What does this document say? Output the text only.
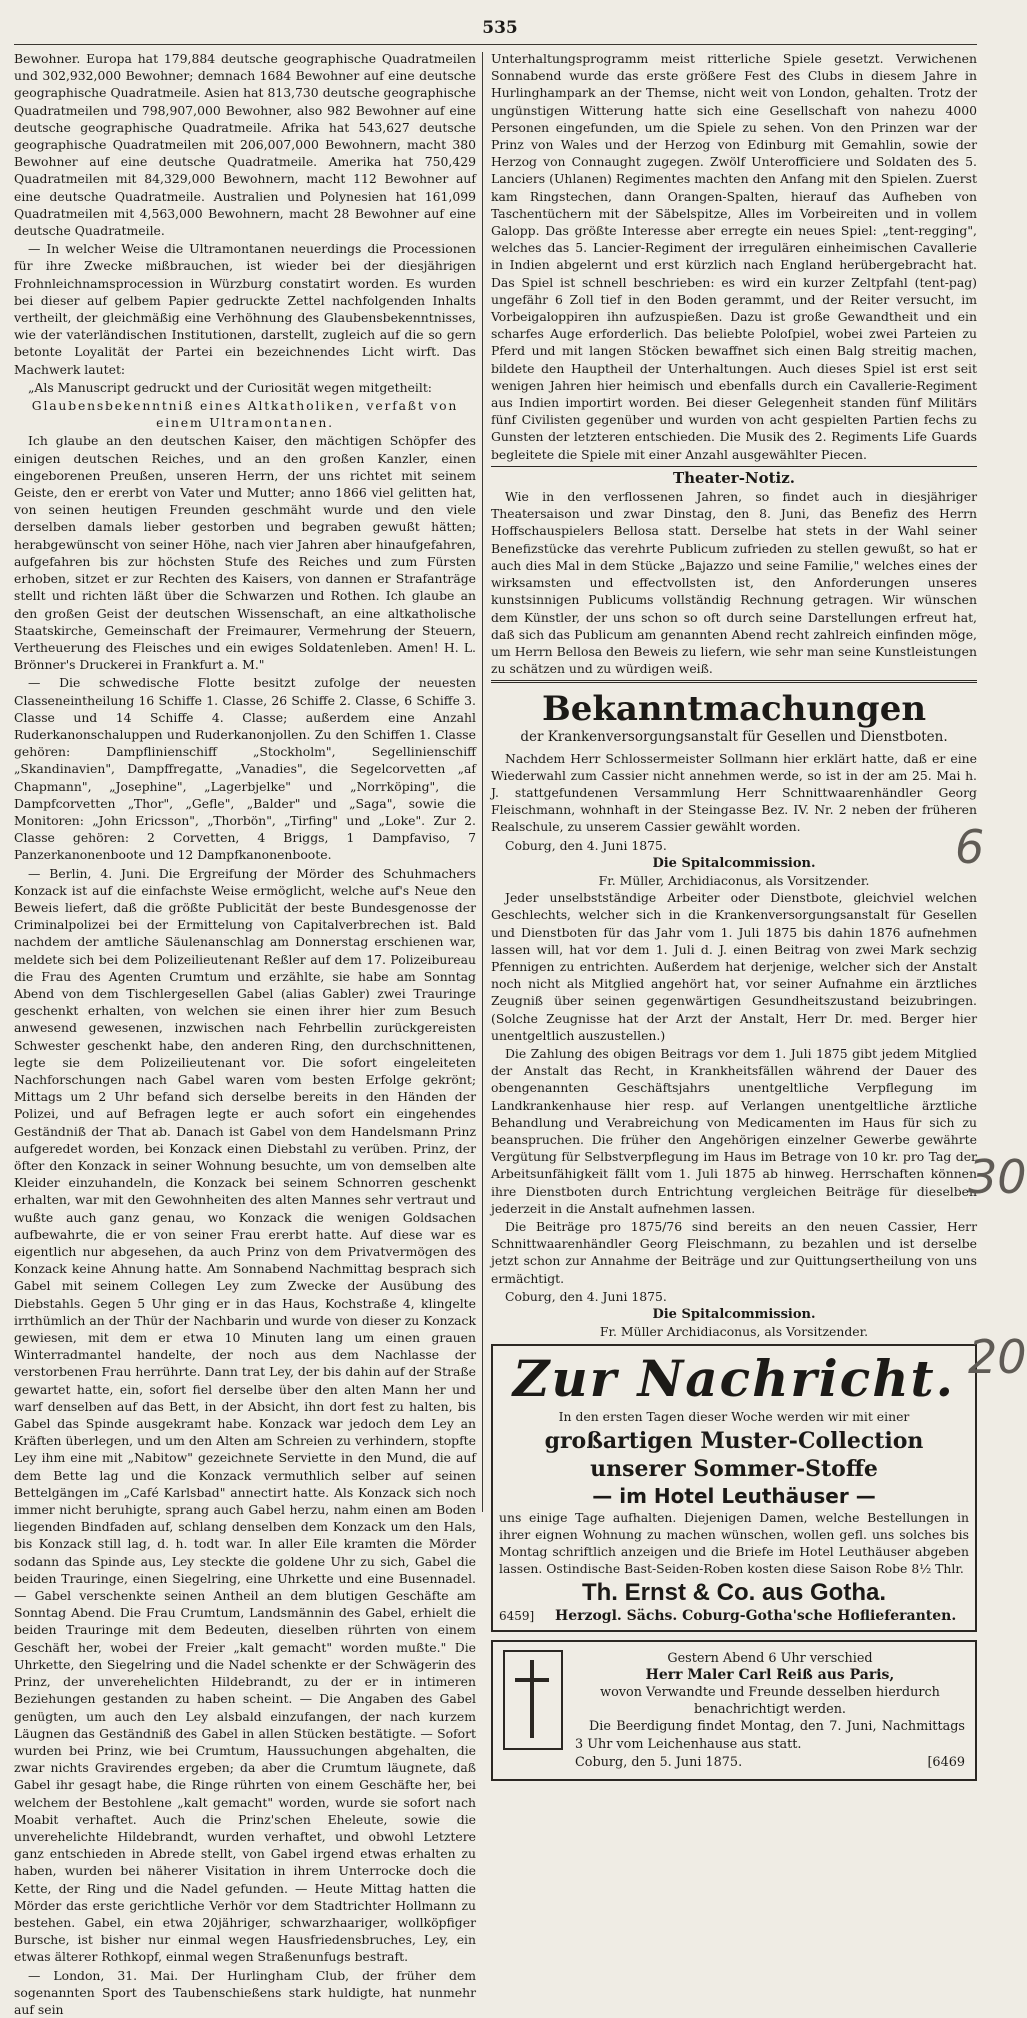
535

Bewohner. Europa hat 179,884 deutsche geographische Quadratmeilen und 302,932,000 Bewohner; demnach 1684 Bewohner auf eine deutsche geographische Quadratmeile. Asien hat 813,730 deutsche geographische Quadratmeilen und 798,907,000 Bewohner, also 982 Bewohner auf eine deutsche geographische Quadratmeile. Afrika hat 543,627 deutsche geographische Quadratmeilen mit 206,007,000 Bewohnern, macht 380 Bewohner auf eine deutsche Quadratmeile. Amerika hat 750,429 Quadratmeilen mit 84,329,000 Bewohnern, macht 112 Bewohner auf eine deutsche Quadratmeile. Australien und Polynesien hat 161,099 Quadratmeilen mit 4,563,000 Bewohnern, macht 28 Bewohner auf eine deutsche Quadratmeile.

— In welcher Weise die Ultramontanen neuerdings die Processionen für ihre Zwecke mißbrauchen, ist wieder bei der diesjährigen Frohnleichnamsprocession in Würzburg constatirt worden. Es wurden bei dieser auf gelbem Papier gedruckte Zettel nachfolgenden Inhalts vertheilt, der gleichmäßig eine Verhöhnung des Glaubensbekenntnisses, wie der vaterländischen Institutionen, darstellt, zugleich auf die so gern betonte Loyalität der Partei ein bezeichnendes Licht wirft. Das Machwerk lautet:

„Als Manuscript gedruckt und der Curiosität wegen mitgetheilt:

Glaubensbekenntniß eines Altkatholiken, verfaßt von einem Ultramontanen.

Ich glaube an den deutschen Kaiser, den mächtigen Schöpfer des einigen deutschen Reiches, und an den großen Kanzler, einen eingeborenen Preußen, unseren Herrn, der uns richtet mit seinem Geiste, den er ererbt von Vater und Mutter; anno 1866 viel gelitten hat, von seinen heutigen Freunden geschmäht wurde und den viele derselben damals lieber gestorben und begraben gewußt hätten; herabgewünscht von seiner Höhe, nach vier Jahren aber hinaufgefahren, aufgefahren bis zur höchsten Stufe des Reiches und zum Fürsten erhoben, sitzet er zur Rechten des Kaisers, von dannen er Strafanträge stellt und richten läßt über die Schwarzen und Rothen. Ich glaube an den großen Geist der deutschen Wissenschaft, an eine altkatholische Staatskirche, Gemeinschaft der Freimaurer, Vermehrung der Steuern, Vertheuerung des Fleisches und ein ewiges Soldatenleben. Amen! H. L. Brönner's Druckerei in Frankfurt a. M."

— Die schwedische Flotte besitzt zufolge der neuesten Classeneintheilung 16 Schiffe 1. Classe, 26 Schiffe 2. Classe, 6 Schiffe 3. Classe und 14 Schiffe 4. Classe; außerdem eine Anzahl Ruderkanonschaluppen und Ruderkanonjollen. Zu den Schiffen 1. Classe gehören: Dampflinienschiff „Stockholm", Segellinienschiff „Skandinavien", Dampffregatte, „Vanadies", die Segelcorvetten „af Chapmann", „Josephine", „Lagerbjelke" und „Norrköping", die Dampfcorvetten „Thor", „Gefle", „Balder" und „Saga", sowie die Monitoren: „John Ericsson", „Thorbön", „Tirfing" und „Loke". Zur 2. Classe gehören: 2 Corvetten, 4 Briggs, 1 Dampfaviso, 7 Panzerkanonenboote und 12 Dampfkanonenboote.

— Berlin, 4. Juni. Die Ergreifung der Mörder des Schuhmachers Konzack ist auf die einfachste Weise ermöglicht, welche auf's Neue den Beweis liefert, daß die größte Publicität der beste Bundesgenosse der Criminalpolizei bei der Ermittelung von Capitalverbrechen ist. Bald nachdem der amtliche Säulenanschlag am Donnerstag erschienen war, meldete sich bei dem Polizeilieutenant Reßler auf dem 17. Polizeibureau die Frau des Agenten Crumtum und erzählte, sie habe am Sonntag Abend von dem Tischlergesellen Gabel (alias Gabler) zwei Trauringe geschenkt erhalten, von welchen sie einen ihrer hier zum Besuch anwesend gewesenen, inzwischen nach Fehrbellin zurückgereisten Schwester geschenkt habe, den anderen Ring, den durchschnittenen, legte sie dem Polizeilieutenant vor. Die sofort eingeleiteten Nachforschungen nach Gabel waren vom besten Erfolge gekrönt; Mittags um 2 Uhr befand sich derselbe bereits in den Händen der Polizei, und auf Befragen legte er auch sofort ein eingehendes Geständniß der That ab. Danach ist Gabel von dem Handelsmann Prinz aufgeredet worden, bei Konzack einen Diebstahl zu verüben. Prinz, der öfter den Konzack in seiner Wohnung besuchte, um von demselben alte Kleider einzuhandeln, die Konzack bei seinem Schnorren geschenkt erhalten, war mit den Gewohnheiten des alten Mannes sehr vertraut und wußte auch ganz genau, wo Konzack die wenigen Goldsachen aufbewahrte, die er von seiner Frau ererbt hatte. Auf diese war es eigentlich nur abgesehen, da auch Prinz von dem Privatvermögen des Konzack keine Ahnung hatte. Am Sonnabend Nachmittag besprach sich Gabel mit seinem Collegen Ley zum Zwecke der Ausübung des Diebstahls. Gegen 5 Uhr ging er in das Haus, Kochstraße 4, klingelte irrthümlich an der Thür der Nachbarin und wurde von dieser zu Konzack gewiesen, mit dem er etwa 10 Minuten lang um einen grauen Winterradmantel handelte, der noch aus dem Nachlasse der verstorbenen Frau herrührte. Dann trat Ley, der bis dahin auf der Straße gewartet hatte, ein, sofort fiel derselbe über den alten Mann her und warf denselben auf das Bett, in der Absicht, ihn dort fest zu halten, bis Gabel das Spinde ausgekramt habe. Konzack war jedoch dem Ley an Kräften überlegen, und um den Alten am Schreien zu verhindern, stopfte Ley ihm eine mit „Nabitow" gezeichnete Serviette in den Mund, die auf dem Bette lag und die Konzack vermuthlich selber auf seinen Bettelgängen im „Café Karlsbad" annectirt hatte. Als Konzack sich noch immer nicht beruhigte, sprang auch Gabel herzu, nahm einen am Boden liegenden Bindfaden auf, schlang denselben dem Konzack um den Hals, bis Konzack still lag, d. h. todt war. In aller Eile kramten die Mörder sodann das Spinde aus, Ley steckte die goldene Uhr zu sich, Gabel die beiden Trauringe, einen Siegelring, eine Uhrkette und eine Busennadel. — Gabel verschenkte seinen Antheil an dem blutigen Geschäfte am Sonntag Abend. Die Frau Crumtum, Landsmännin des Gabel, erhielt die beiden Trauringe mit dem Bedeuten, dieselben rührten von einem Geschäft her, wobei der Freier „kalt gemacht" worden mußte." Die Uhrkette, den Siegelring und die Nadel schenkte er der Schwägerin des Prinz, der unverehelichten Hildebrandt, zu der er in intimeren Beziehungen gestanden zu haben scheint. — Die Angaben des Gabel genügten, um auch den Ley alsbald einzufangen, der nach kurzem Läugnen das Geständniß des Gabel in allen Stücken bestätigte. — Sofort wurden bei Prinz, wie bei Crumtum, Haussuchungen abgehalten, die zwar nichts Gravirendes ergeben; da aber die Crumtum läugnete, daß Gabel ihr gesagt habe, die Ringe rührten von einem Geschäfte her, bei welchem der Bestohlene „kalt gemacht" worden, wurde sie sofort nach Moabit verhaftet. Auch die Prinz'schen Eheleute, sowie die unverehelichte Hildebrandt, wurden verhaftet, und obwohl Letztere ganz entschieden in Abrede stellt, von Gabel irgend etwas erhalten zu haben, wurden bei näherer Visitation in ihrem Unterrocke doch die Kette, der Ring und die Nadel gefunden. — Heute Mittag hatten die Mörder das erste gerichtliche Verhör vor dem Stadtrichter Hollmann zu bestehen. Gabel, ein etwa 20jähriger, schwarzhaariger, wollköpfiger Bursche, ist bisher nur einmal wegen Hausfriedensbruches, Ley, ein etwas älterer Rothkopf, einmal wegen Straßenunfugs bestraft.

— London, 31. Mai. Der Hurlingham Club, der früher dem sogenannten Sport des Taubenschießens stark huldigte, hat nunmehr auf sein

Unterhaltungsprogramm meist ritterliche Spiele gesetzt. Verwichenen Sonnabend wurde das erste größere Fest des Clubs in diesem Jahre in Hurlinghampark an der Themse, nicht weit von London, gehalten. Trotz der ungünstigen Witterung hatte sich eine Gesellschaft von nahezu 4000 Personen eingefunden, um die Spiele zu sehen. Von den Prinzen war der Prinz von Wales und der Herzog von Edinburg mit Gemahlin, sowie der Herzog von Connaught zugegen. Zwölf Unterofficiere und Soldaten des 5. Lanciers (Uhlanen) Regimentes machten den Anfang mit den Spielen. Zuerst kam Ringstechen, dann Orangen-Spalten, hierauf das Aufheben von Taschentüchern mit der Säbelspitze, Alles im Vorbeireiten und in vollem Galopp. Das größte Interesse aber erregte ein neues Spiel: „tent-regging", welches das 5. Lancier-Regiment der irregulären einheimischen Cavallerie in Indien abgelernt und erst kürzlich nach England herübergebracht hat. Das Spiel ist schnell beschrieben: es wird ein kurzer Zeltpfahl (tent-pag) ungefähr 6 Zoll tief in den Boden gerammt, und der Reiter versucht, im Vorbeigaloppiren ihn aufzuspießen. Dazu ist große Gewandtheit und ein scharfes Auge erforderlich. Das beliebte Poloſpiel, wobei zwei Parteien zu Pferd und mit langen Stöcken bewaffnet sich einen Balg streitig machen, bildete den Hauptheil der Unterhaltungen. Auch dieses Spiel ist erst seit wenigen Jahren hier heimisch und ebenfalls durch ein Cavallerie-Regiment aus Indien importirt worden. Bei dieser Gelegenheit standen fünf Militärs fünf Civilisten gegenüber und wurden von acht gespielten Partien fechs zu Gunsten der letzteren entschieden. Die Musik des 2. Regiments Life Guards begleitete die Spiele mit einer Anzahl ausgewählter Piecen.

Theater-Notiz.

Wie in den verflossenen Jahren, so findet auch in diesjähriger Theatersaison und zwar Dinstag, den 8. Juni, das Benefiz des Herrn Hoffschauspielers Bellosa statt. Derselbe hat stets in der Wahl seiner Benefizstücke das verehrte Publicum zufrieden zu stellen gewußt, so hat er auch dies Mal in dem Stücke „Bajazzo und seine Familie," welches eines der wirksamsten und effectvollsten ist, den Anforderungen unseres kunstsinnigen Publicums vollständig Rechnung getragen. Wir wünschen dem Künstler, der uns schon so oft durch seine Darstellungen erfreut hat, daß sich das Publicum am genannten Abend recht zahlreich einfinden möge, um Herrn Bellosa den Beweis zu liefern, wie sehr man seine Kunstleistungen zu schätzen und zu würdigen weiß.

Bekanntmachungen
der Krankenversorgungsanstalt für Gesellen und Dienstboten.

Nachdem Herr Schlossermeister Sollmann hier erklärt hatte, daß er eine Wiederwahl zum Cassier nicht annehmen werde, so ist in der am 25. Mai h. J. stattgefundenen Versammlung Herr Schnittwaarenhändler Georg Fleischmann, wohnhaft in der Steingasse Bez. IV. Nr. 2 neben der früheren Realschule, zu unserem Cassier gewählt worden.

Coburg, den 4. Juni 1875.

Die Spitalcommission.
Fr. Müller, Archidiaconus, als Vorsitzender.

Jeder unselbstständige Arbeiter oder Dienstbote, gleichviel welchen Geschlechts, welcher sich in die Krankenversorgungsanstalt für Gesellen und Dienstboten für das Jahr vom 1. Juli 1875 bis dahin 1876 aufnehmen lassen will, hat vor dem 1. Juli d. J. einen Beitrag von zwei Mark sechzig Pfennigen zu entrichten. Außerdem hat derjenige, welcher sich der Anstalt noch nicht als Mitglied angehört hat, vor seiner Aufnahme ein ärztliches Zeugniß über seinen gegenwärtigen Gesundheitszustand beizubringen. (Solche Zeugnisse hat der Arzt der Anstalt, Herr Dr. med. Berger hier unentgeltlich auszustellen.)

Die Zahlung des obigen Beitrags vor dem 1. Juli 1875 gibt jedem Mitglied der Anstalt das Recht, in Krankheitsfällen während der Dauer des obengenannten Geschäftsjahrs unentgeltliche Verpflegung im Landkrankenhause hier resp. auf Verlangen unentgeltliche ärztliche Behandlung und Verabreichung von Medicamenten im Haus für sich zu beanspruchen. Die früher den Angehörigen einzelner Gewerbe gewährte Vergütung für Selbstverpflegung im Haus im Betrage von 10 kr. pro Tag der Arbeitsunfähigkeit fällt vom 1. Juli 1875 ab hinweg. Herrschaften können ihre Dienstboten durch Entrichtung vergleichen Beiträge für dieselben jederzeit in die Anstalt aufnehmen lassen.

Die Beiträge pro 1875/76 sind bereits an den neuen Cassier, Herr Schnittwaarenhändler Georg Fleischmann, zu bezahlen und ist derselbe jetzt schon zur Annahme der Beiträge und zur Quittungsertheilung von uns ermächtigt.

Coburg, den 4. Juni 1875.

Die Spitalcommission.
Fr. Müller Archidiaconus, als Vorsitzender.
Zur Nachricht.

In den ersten Tagen dieser Woche werden wir mit einer

großartigen Muster-Collection unserer Sommer-Stoffe
— im Hotel Leuthäuser —

uns einige Tage aufhalten. Diejenigen Damen, welche Bestellungen in ihrer eignen Wohnung zu machen wünschen, wollen gefl. uns solches bis Montag schriftlich anzeigen und die Briefe im Hotel Leuthäuser abgeben lassen. Ostindische Bast-Seiden-Roben kosten diese Saison Robe 8½ Thlr.

Th. Ernst & Co. aus Gotha.
6459]	Herzogl. Sächs. Coburg-Gotha'sche Hoflieferanten.
Gestern Abend 6 Uhr verschied
Herr Maler Carl Reiß aus Paris,
wovon Verwandte und Freunde desselben hierdurch benachrichtigt werden.

Die Beerdigung findet Montag, den 7. Juni, Nachmittags 3 Uhr vom Leichenhause aus statt.

Coburg, den 5. Juni 1875.	[6469
6
30
20
